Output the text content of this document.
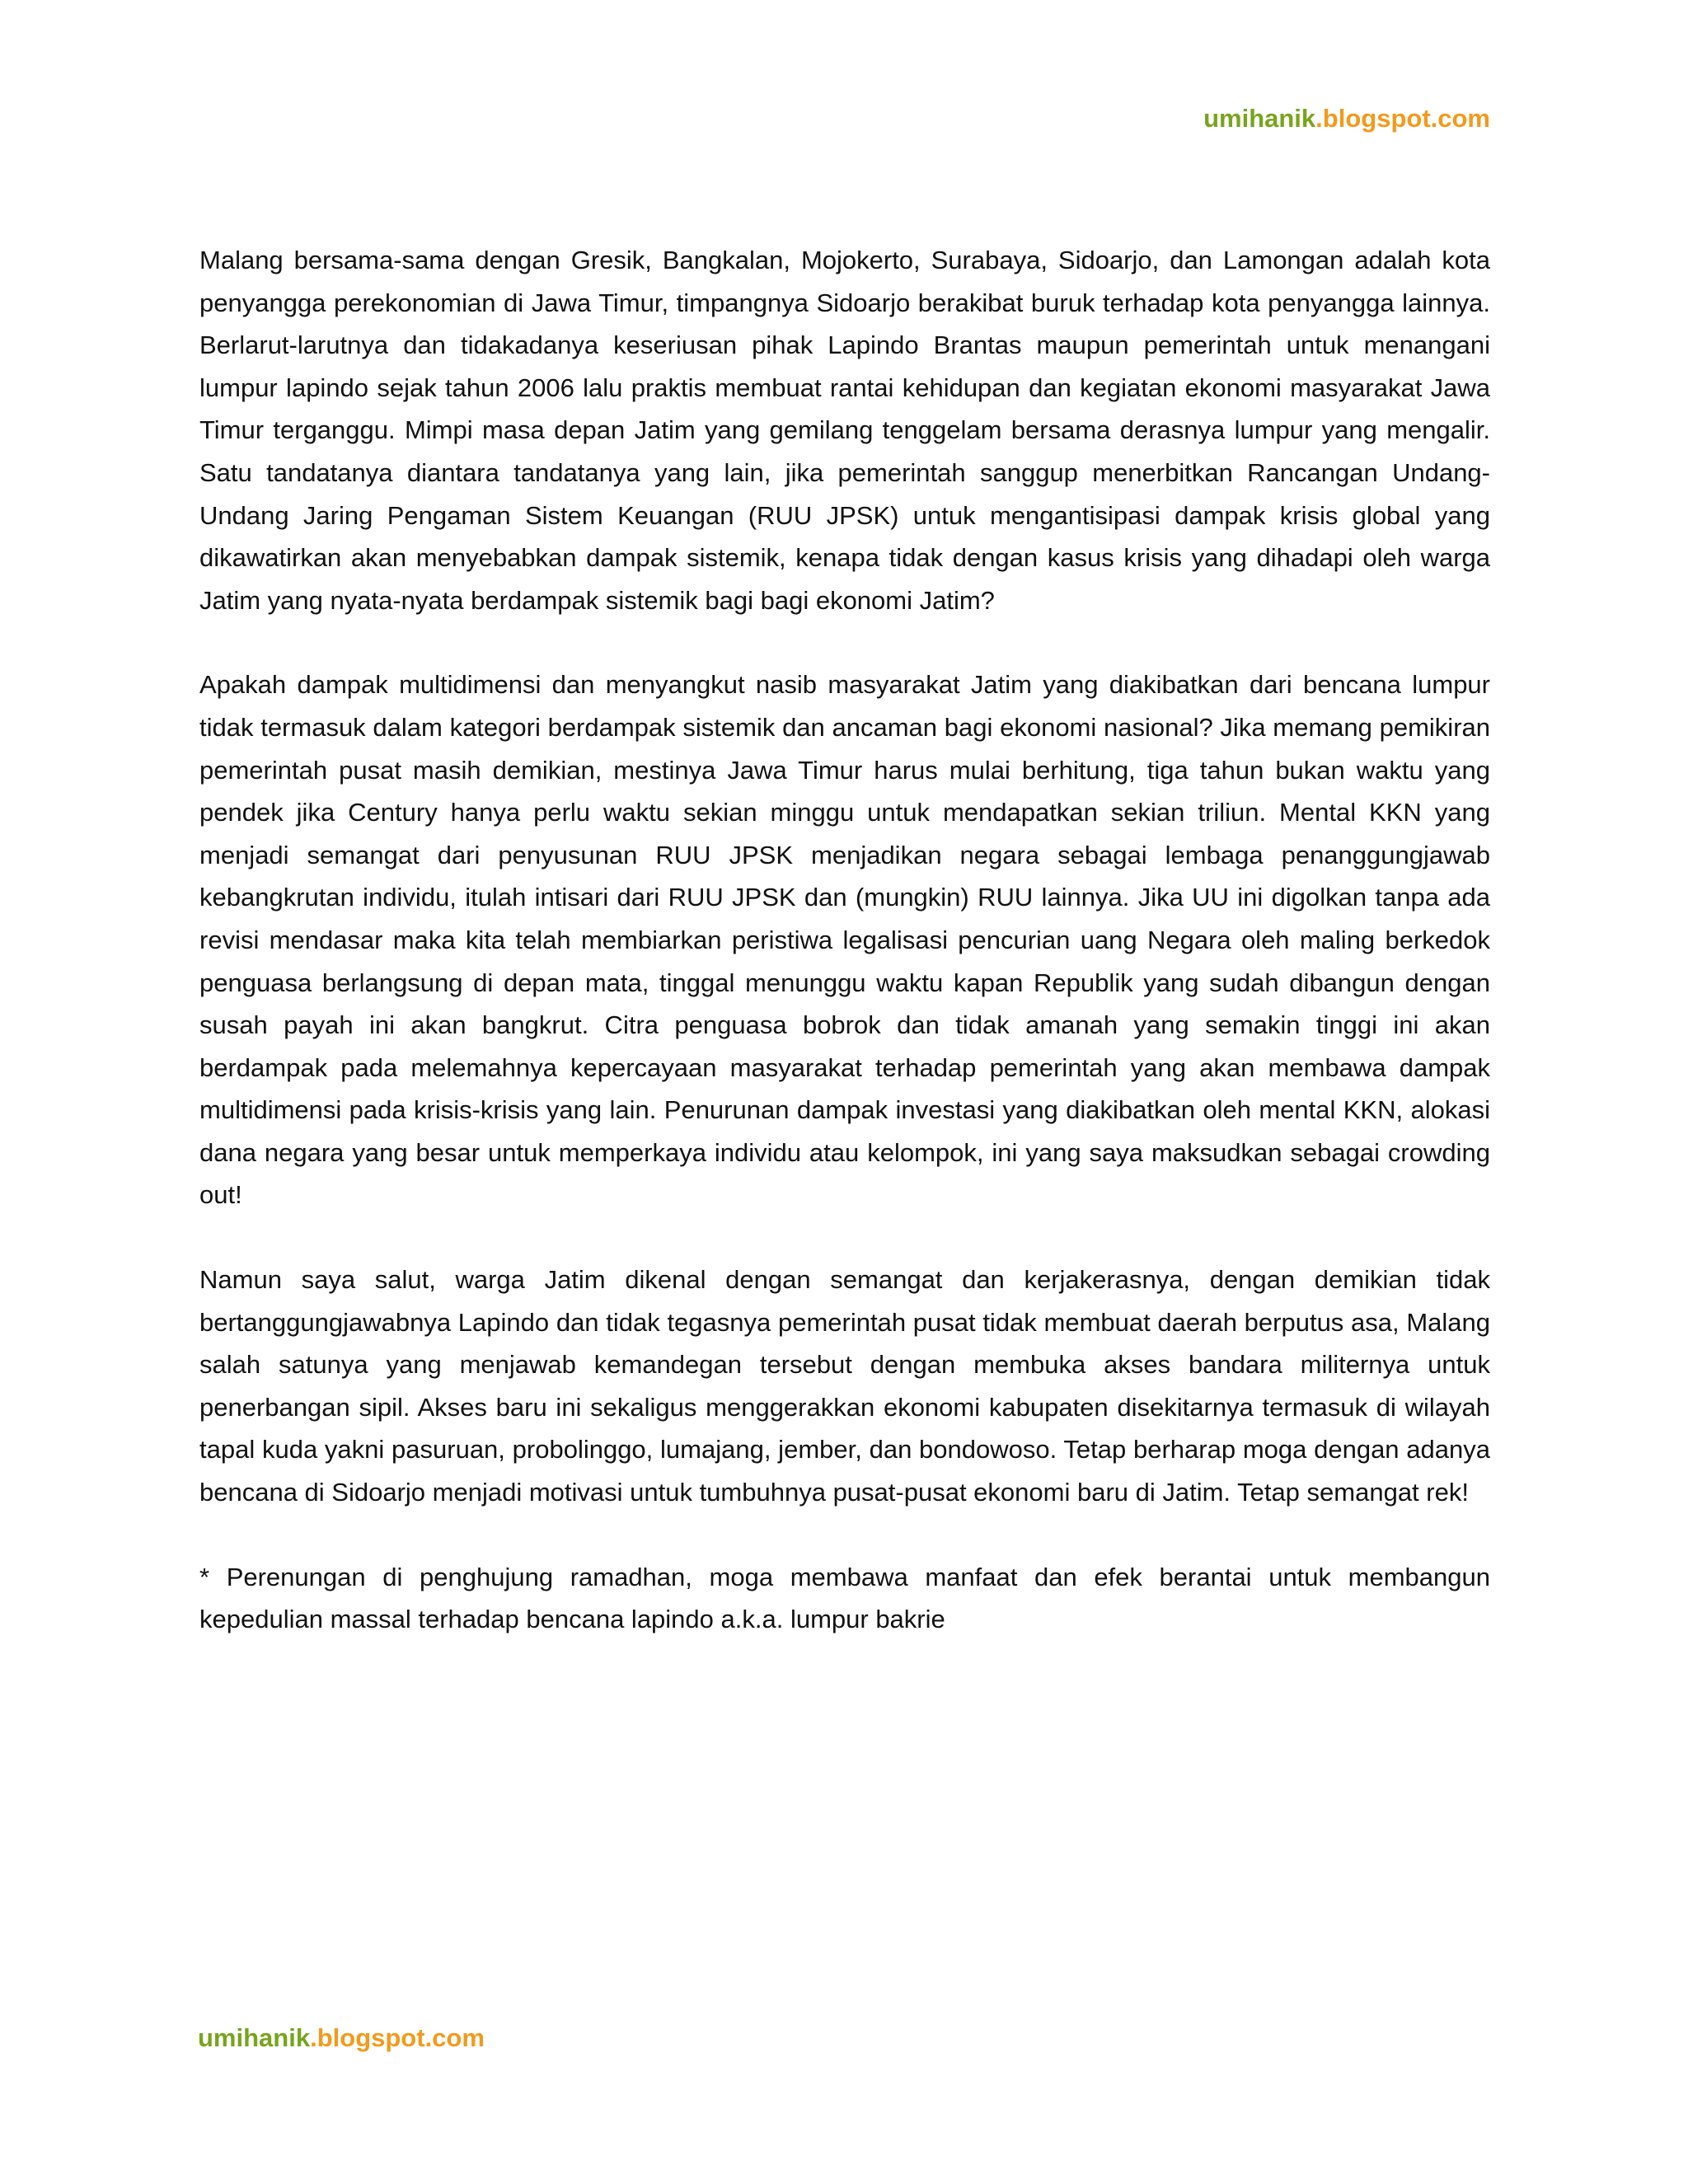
umihanik.blogspot.com

Malang bersama-sama dengan Gresik, Bangkalan, Mojokerto, Surabaya, Sidoarjo, dan Lamongan adalah kota penyangga perekonomian di Jawa Timur, timpangnya Sidoarjo berakibat buruk terhadap kota penyangga lainnya. Berlarut-larutnya dan tidakadanya keseriusan pihak Lapindo Brantas maupun pemerintah untuk menangani lumpur lapindo sejak tahun 2006 lalu praktis membuat rantai kehidupan dan kegiatan ekonomi masyarakat Jawa Timur terganggu. Mimpi masa depan Jatim yang gemilang tenggelam bersama derasnya lumpur yang mengalir. Satu tandatanya diantara tandatanya yang lain, jika pemerintah sanggup menerbitkan Rancangan Undang-Undang Jaring Pengaman Sistem Keuangan (RUU JPSK) untuk mengantisipasi dampak krisis global yang dikawatirkan akan menyebabkan dampak sistemik, kenapa tidak dengan kasus krisis yang dihadapi oleh warga Jatim yang nyata-nyata berdampak sistemik bagi bagi ekonomi Jatim?

Apakah dampak multidimensi dan menyangkut nasib masyarakat Jatim yang diakibatkan dari bencana lumpur tidak termasuk dalam kategori berdampak sistemik dan ancaman bagi ekonomi nasional? Jika memang pemikiran pemerintah pusat masih demikian, mestinya Jawa Timur harus mulai berhitung, tiga tahun bukan waktu yang pendek jika Century hanya perlu waktu sekian minggu untuk mendapatkan sekian triliun. Mental KKN yang menjadi semangat dari penyusunan RUU JPSK menjadikan negara sebagai lembaga penanggungjawab kebangkrutan individu, itulah intisari dari RUU JPSK dan (mungkin) RUU lainnya. Jika UU ini digolkan tanpa ada revisi mendasar maka kita telah membiarkan peristiwa legalisasi pencurian uang Negara oleh maling berkedok penguasa berlangsung di depan mata, tinggal menunggu waktu kapan Republik yang sudah dibangun dengan susah payah ini akan bangkrut. Citra penguasa bobrok dan tidak amanah yang semakin tinggi ini akan berdampak pada melemahnya kepercayaan masyarakat terhadap pemerintah yang akan membawa dampak multidimensi pada krisis-krisis yang lain. Penurunan dampak investasi yang diakibatkan oleh mental KKN, alokasi dana negara yang besar untuk memperkaya individu atau kelompok, ini yang saya maksudkan sebagai crowding out!

Namun saya salut, warga Jatim dikenal dengan semangat dan kerjakerasnya, dengan demikian tidak bertanggungjawabnya Lapindo dan tidak tegasnya pemerintah pusat tidak membuat daerah berputus asa, Malang salah satunya yang menjawab kemandegan tersebut dengan membuka akses bandara militernya untuk penerbangan sipil. Akses baru ini sekaligus menggerakkan ekonomi kabupaten disekitarnya termasuk di wilayah tapal kuda yakni pasuruan, probolinggo, lumajang, jember, dan bondowoso. Tetap berharap moga dengan adanya bencana di Sidoarjo menjadi motivasi untuk tumbuhnya pusat-pusat ekonomi baru di Jatim. Tetap semangat rek!

* Perenungan di penghujung ramadhan, moga membawa manfaat dan efek berantai untuk membangun kepedulian massal terhadap bencana lapindo a.k.a. lumpur bakrie

umihanik.blogspot.com
